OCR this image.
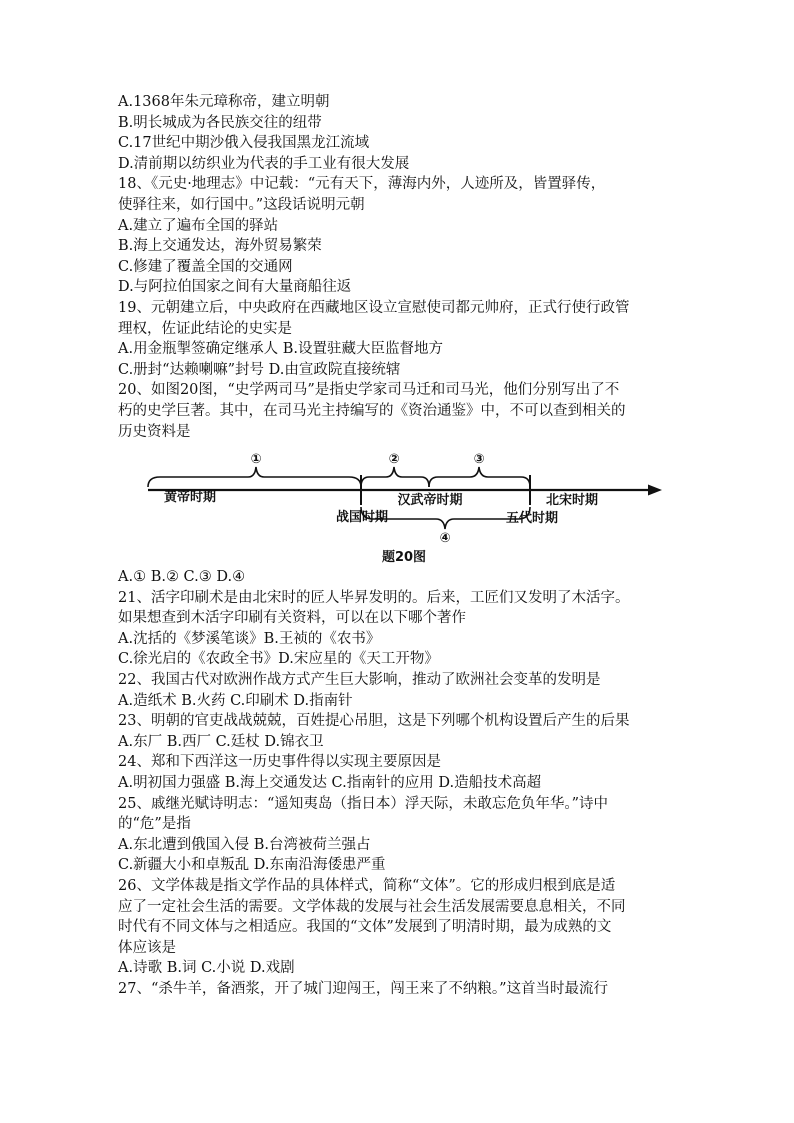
A.1368年朱元璋称帝，建立明朝
B.明长城成为各民族交往的纽带
C.17世纪中期沙俄入侵我国黑龙江流域
D.清前期以纺织业为代表的手工业有很大发展
18、《元史·地理志》中记载：“元有天下，薄海内外，人迹所及，皆置驿传，
使驿往来，如行国中。”这段话说明元朝
A.建立了遍布全国的驿站
B.海上交通发达，海外贸易繁荣
C.修建了覆盖全国的交通网
D.与阿拉伯国家之间有大量商船往返
19、元朝建立后，中央政府在西藏地区设立宣慰使司都元帅府，正式行使行政管
理权，佐证此结论的史实是
A.用金瓶掣签确定继承人 B.设置驻藏大臣监督地方
C.册封“达赖喇嘛”封号 D.由宣政院直接统辖
20、如图20图，“史学两司马”是指史学家司马迁和司马光，他们分别写出了不
朽的史学巨著。其中，在司马光主持编写的《资治通鉴》中，不可以查到相关的
历史资料是
①	②	③
④
黄帝时期
战国时期
汉武帝时期
五代时期
北宋时期
题20图
A.① B.② C.③ D.④
21、活字印刷术是由北宋时的匠人毕昇发明的。后来，工匠们又发明了木活字。
如果想查到木活字印刷有关资料，可以在以下哪个著作
A.沈括的《梦溪笔谈》B.王祯的《农书》
C.徐光启的《农政全书》D.宋应星的《天工开物》
22、我国古代对欧洲作战方式产生巨大影响，推动了欧洲社会变革的发明是
A.造纸术 B.火药 C.印刷术 D.指南针
23、明朝的官吏战战兢兢，百姓提心吊胆，这是下列哪个机构设置后产生的后果
A.东厂 B.西厂 C.廷杖 D.锦衣卫
24、郑和下西洋这一历史事件得以实现主要原因是
A.明初国力强盛 B.海上交通发达 C.指南针的应用 D.造船技术高超
25、戚继光赋诗明志：“遥知夷岛（指日本）浮天际，未敢忘危负年华。”诗中
的“危”是指
A.东北遭到俄国入侵 B.台湾被荷兰强占
C.新疆大小和卓叛乱 D.东南沿海倭患严重
26、文学体裁是指文学作品的具体样式，简称“文体”。它的形成归根到底是适
应了一定社会生活的需要。文学体裁的发展与社会生活发展需要息息相关，不同
时代有不同文体与之相适应。我国的“文体”发展到了明清时期，最为成熟的文
体应该是
A.诗歌 B.词 C.小说 D.戏剧
27、“杀牛羊，备酒浆，开了城门迎闯王，闯王来了不纳粮。”这首当时最流行
